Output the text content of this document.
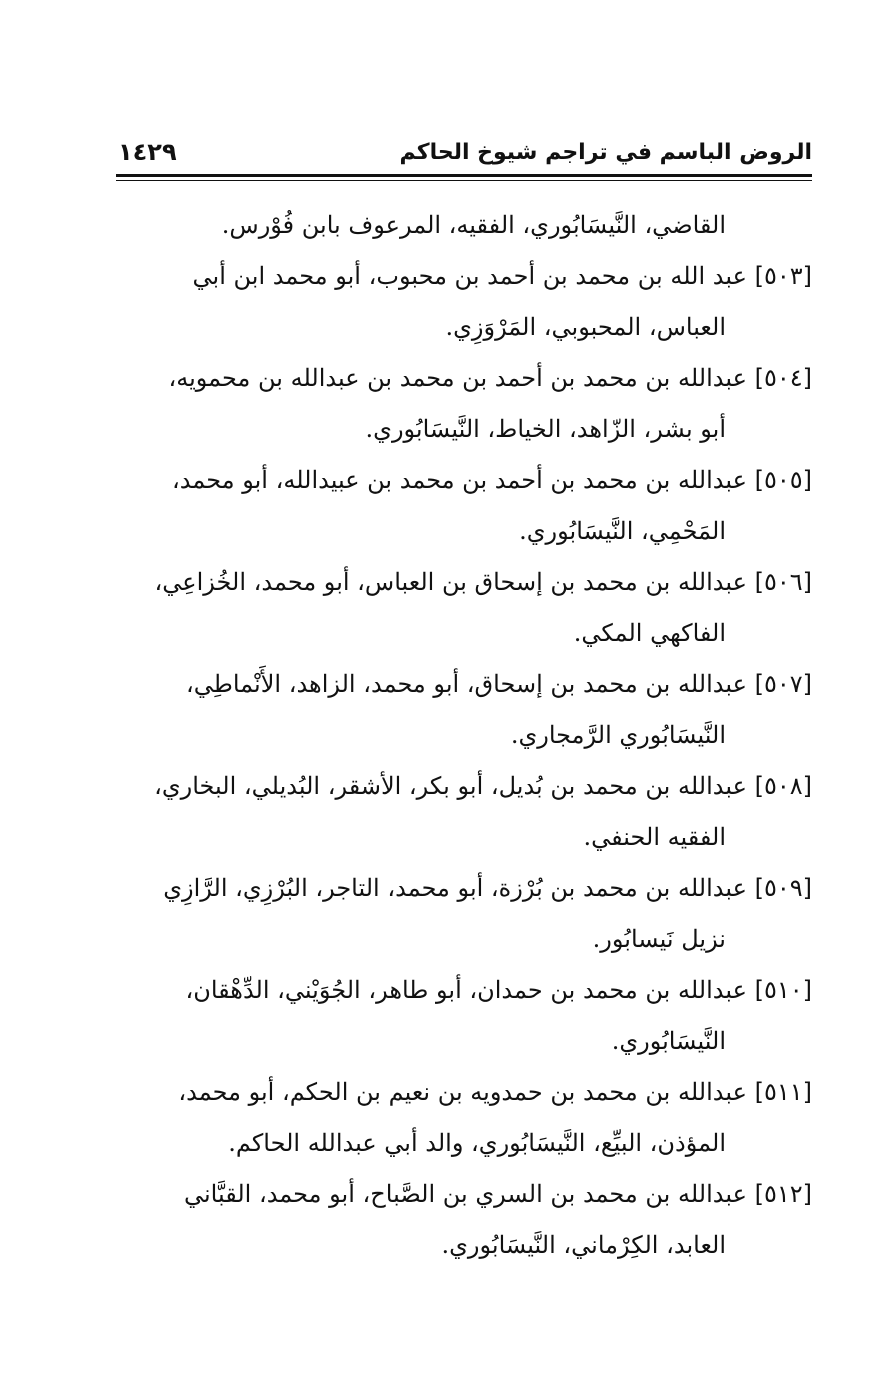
الروض الباسم في تراجم شيوخ الحاكم
١٤٢٩
القاضي، النَّيسَابُوري، الفقيه، المرعوف بابن فُوْرس.
[٥٠٣] عبد الله بن محمد بن أحمد بن محبوب، أبو محمد ابن أبي
العباس، المحبوبي، المَرْوَزِي.
[٥٠٤] عبدالله بن محمد بن أحمد بن محمد بن عبدالله بن محمويه،
أبو بشر، الزّاهد، الخياط، النَّيسَابُوري.
[٥٠٥] عبدالله بن محمد بن أحمد بن محمد بن عبيدالله، أبو محمد،
المَحْمِي، النَّيسَابُوري.
[٥٠٦] عبدالله بن محمد بن إسحاق بن العباس، أبو محمد، الخُزاعِي،
الفاكهي المكي.
[٥٠٧] عبدالله بن محمد بن إسحاق، أبو محمد، الزاهد، الأَنْماطِي،
النَّيسَابُوري الرَّمجاري.
[٥٠٨] عبدالله بن محمد بن بُديل، أبو بكر، الأشقر، البُديلي، البخاري،
الفقيه الحنفي.
[٥٠٩] عبدالله بن محمد بن بُرْزة، أبو محمد، التاجر، البُرْزِي، الرَّازِي
نزيل نَيسابُور.
[٥١٠] عبدالله بن محمد بن حمدان، أبو طاهر، الجُوَيْني، الدِّهْقان،
النَّيسَابُوري.
[٥١١] عبدالله بن محمد بن حمدويه بن نعيم بن الحكم، أبو محمد،
المؤذن، البيِّع، النَّيسَابُوري، والد أبي عبدالله الحاكم.
[٥١٢] عبدالله بن محمد بن السري بن الصَّباح، أبو محمد، القبَّاني
العابد، الكِرْماني، النَّيسَابُوري.
